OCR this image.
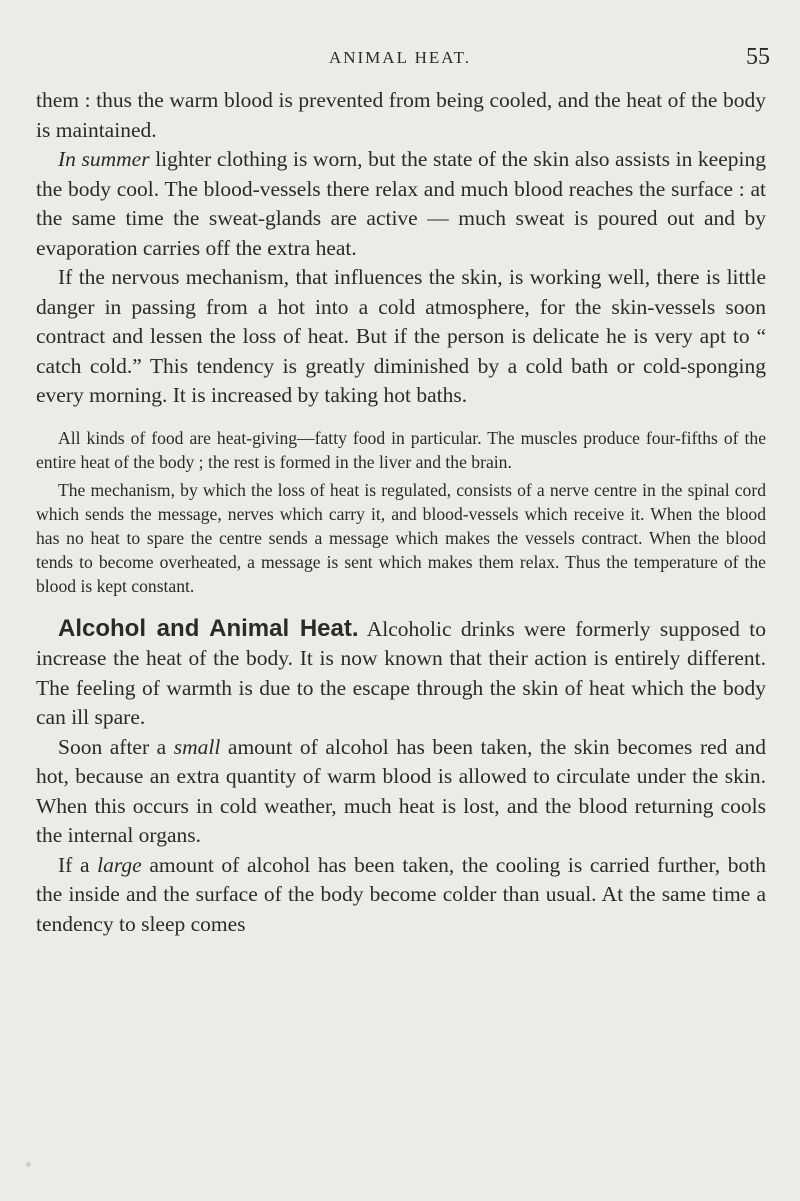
ANIMAL HEAT.	55

them : thus the warm blood is prevented from being cooled, and the heat of the body is maintained.

In summer lighter clothing is worn, but the state of the skin also assists in keeping the body cool. The blood-vessels there relax and much blood reaches the surface : at the same time the sweat-glands are active — much sweat is poured out and by evaporation carries off the extra heat.

If the nervous mechanism, that influences the skin, is working well, there is little danger in passing from a hot into a cold atmosphere, for the skin-vessels soon contract and lessen the loss of heat. But if the person is delicate he is very apt to “ catch cold.” This tendency is greatly diminished by a cold bath or cold-sponging every morning. It is increased by taking hot baths.

All kinds of food are heat-giving—fatty food in particular. The muscles produce four-fifths of the entire heat of the body ; the rest is formed in the liver and the brain.

The mechanism, by which the loss of heat is regulated, consists of a nerve centre in the spinal cord which sends the message, nerves which carry it, and blood-vessels which receive it. When the blood has no heat to spare the centre sends a message which makes the vessels contract. When the blood tends to become overheated, a message is sent which makes them relax. Thus the temperature of the blood is kept constant.

Alcohol and Animal Heat. Alcoholic drinks were formerly supposed to increase the heat of the body. It is now known that their action is entirely different. The feeling of warmth is due to the escape through the skin of heat which the body can ill spare.

Soon after a small amount of alcohol has been taken, the skin becomes red and hot, because an extra quantity of warm blood is allowed to circulate under the skin. When this occurs in cold weather, much heat is lost, and the blood returning cools the internal organs.

If a large amount of alcohol has been taken, the cooling is carried further, both the inside and the surface of the body become colder than usual. At the same time a tendency to sleep comes
